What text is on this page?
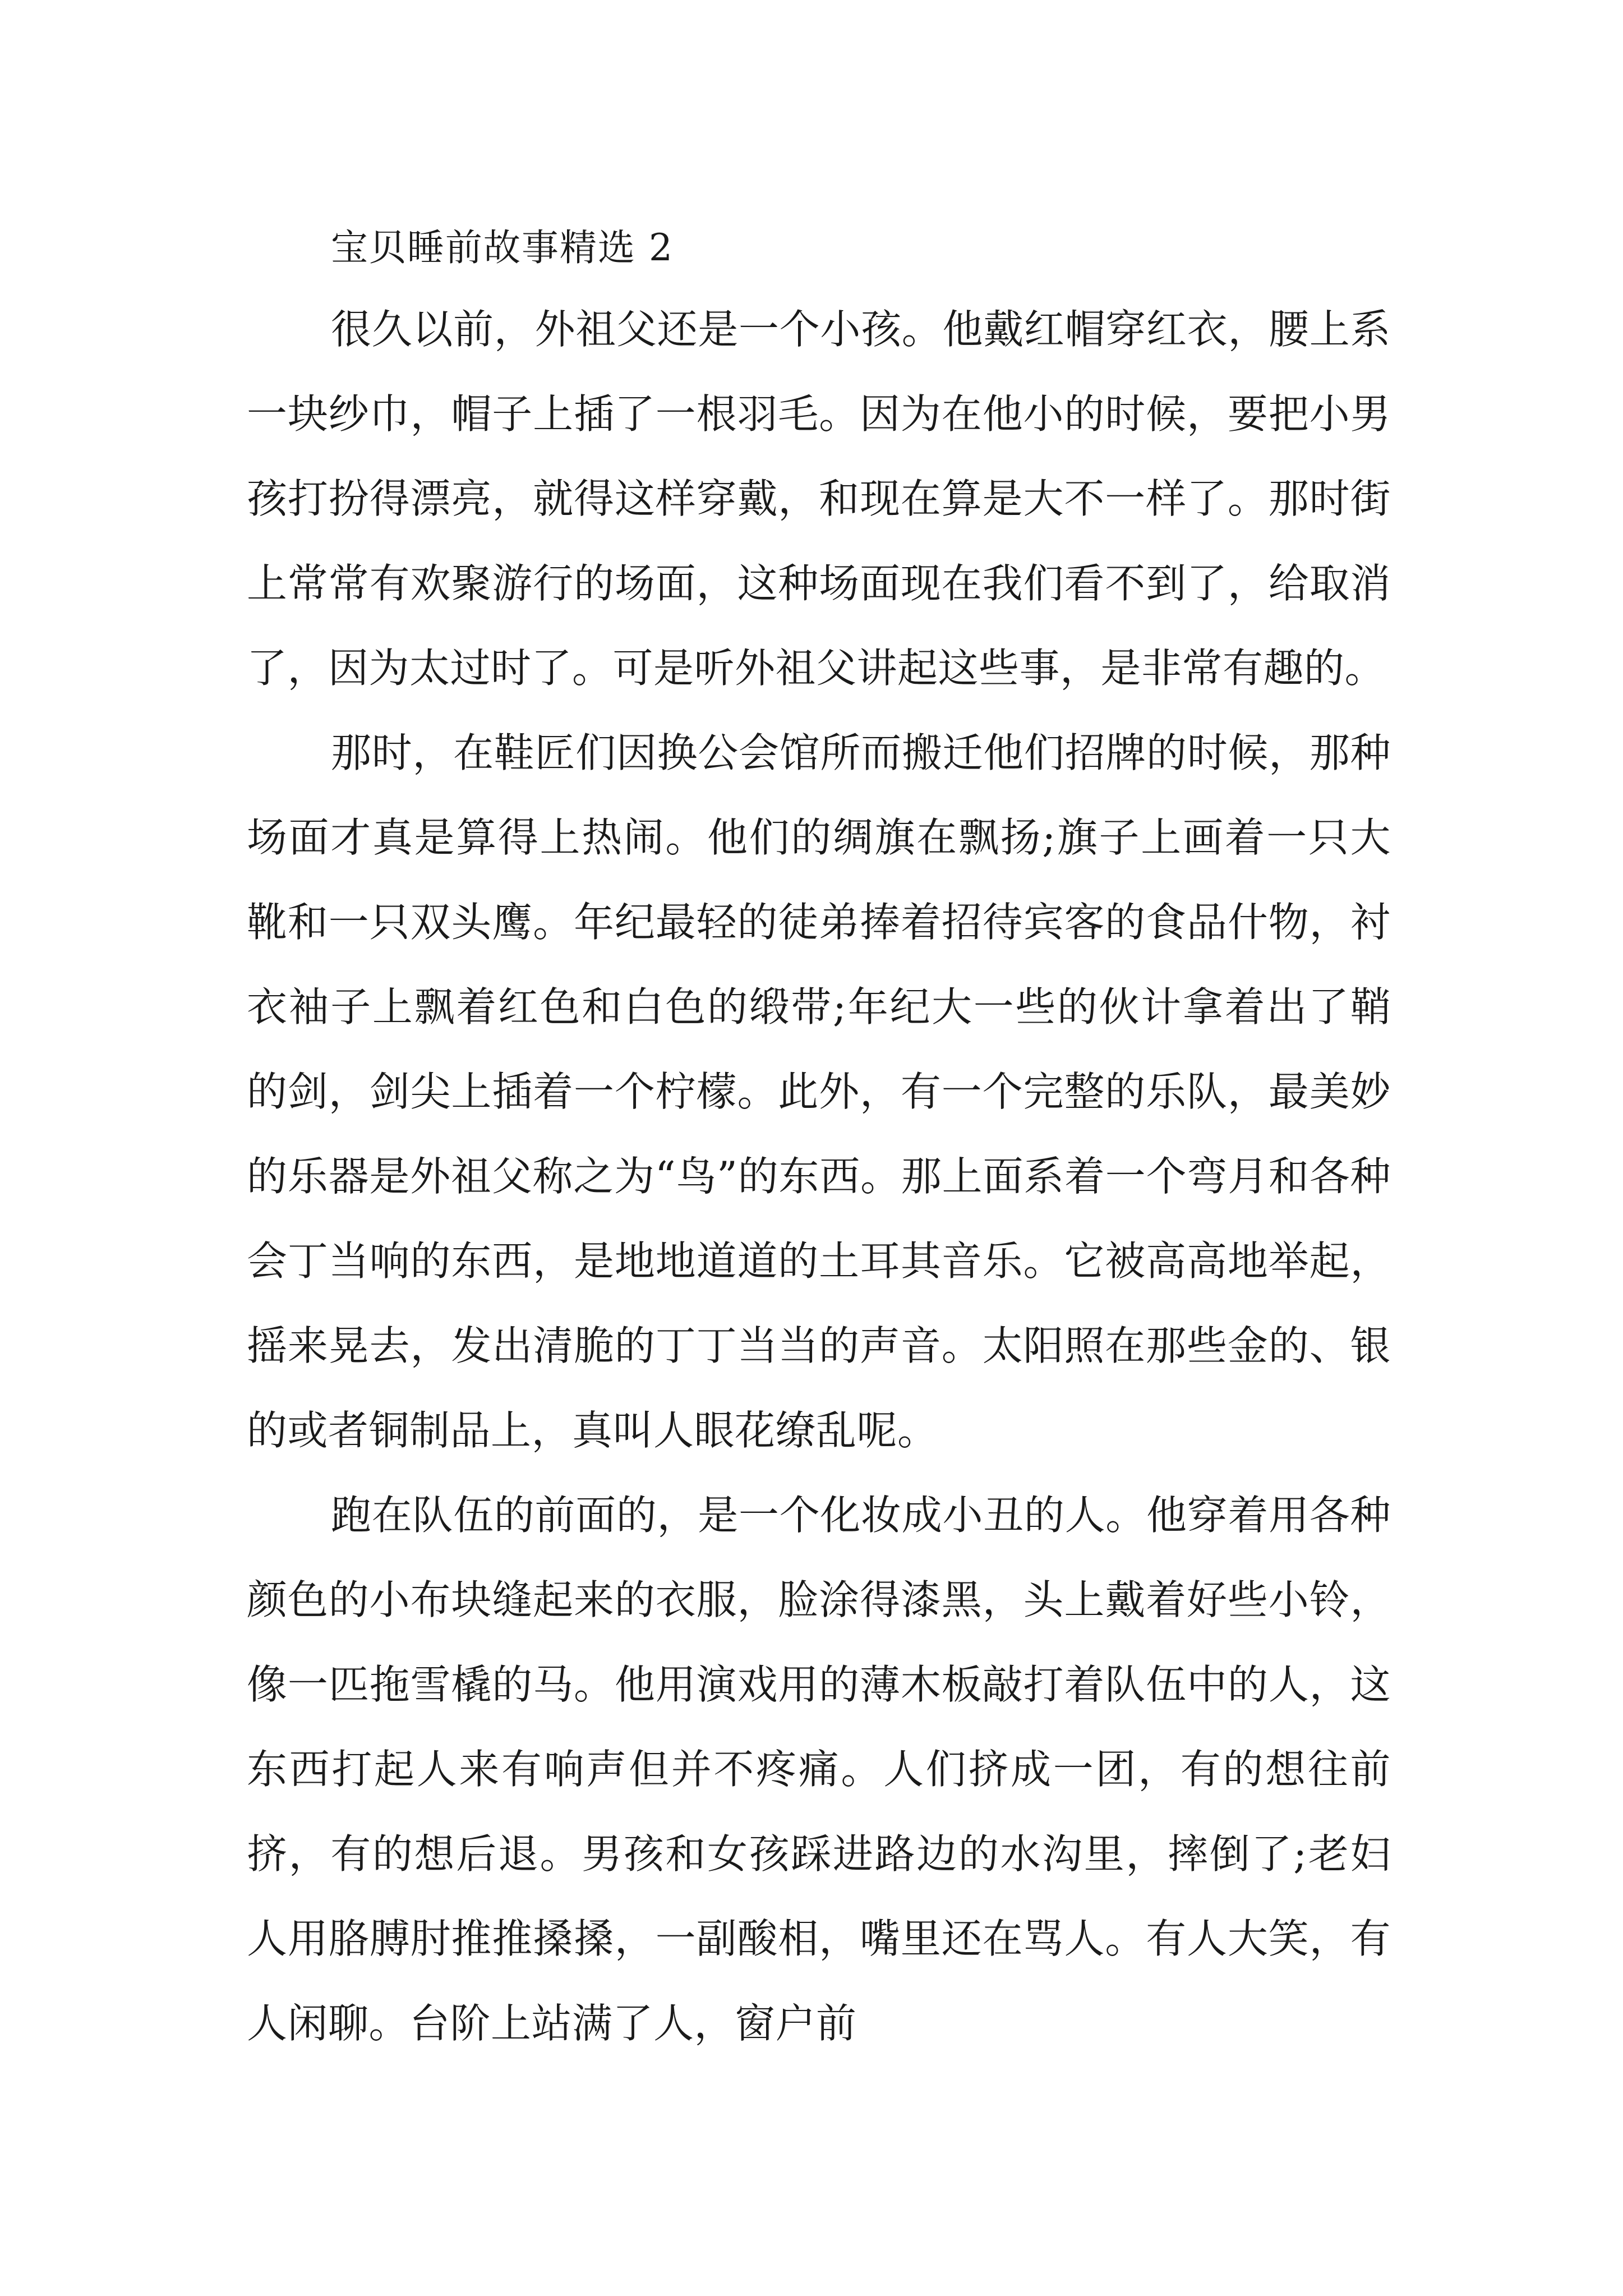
宝贝睡前故事精选 2

很久以前，外祖父还是一个小孩。他戴红帽穿红衣，腰上系一块纱巾，帽子上插了一根羽毛。因为在他小的时候，要把小男孩打扮得漂亮，就得这样穿戴，和现在算是大不一样了。那时街上常常有欢聚游行的场面，这种场面现在我们看不到了，给取消了，因为太过时了。可是听外祖父讲起这些事，是非常有趣的。

那时，在鞋匠们因换公会馆所而搬迁他们招牌的时候，那种场面才真是算得上热闹。他们的绸旗在飘扬;旗子上画着一只大靴和一只双头鹰。年纪最轻的徒弟捧着招待宾客的食品什物，衬衣袖子上飘着红色和白色的缎带;年纪大一些的伙计拿着出了鞘的剑，剑尖上插着一个柠檬。此外，有一个完整的乐队，最美妙的乐器是外祖父称之为“鸟”的东西。那上面系着一个弯月和各种会丁当响的东西，是地地道道的土耳其音乐。它被高高地举起，摇来晃去，发出清脆的丁丁当当的声音。太阳照在那些金的、银的或者铜制品上，真叫人眼花缭乱呢。

跑在队伍的前面的，是一个化妆成小丑的人。他穿着用各种颜色的小布块缝起来的衣服，脸涂得漆黑，头上戴着好些小铃，像一匹拖雪橇的马。他用演戏用的薄木板敲打着队伍中的人，这东西打起人来有响声但并不疼痛。人们挤成一团，有的想往前挤，有的想后退。男孩和女孩踩进路边的水沟里，摔倒了;老妇人用胳膊肘推推搡搡，一副酸相，嘴里还在骂人。有人大笑，有人闲聊。台阶上站满了人，窗户前
